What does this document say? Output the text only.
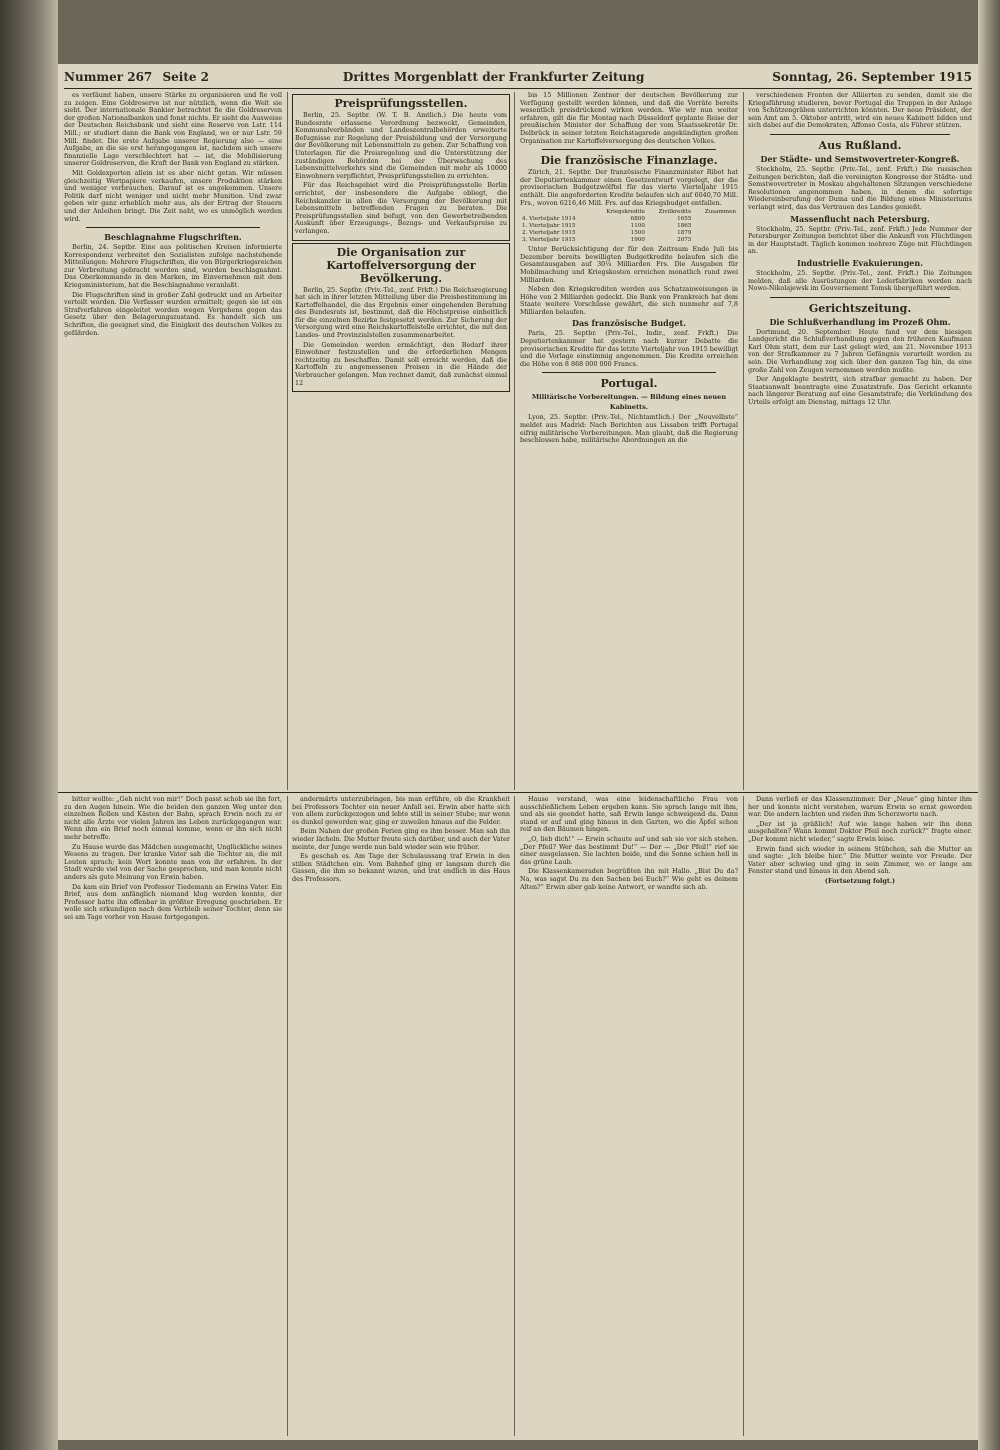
Nummer 267 Seite 2	Drittes Morgenblatt der Frankfurter Zeitung	Sonntag, 26. September 1915

es verfäumt haben, unsere Stärke zu organisieren und fie voll zu zeigen. Eine Goldreserve ist nur nützlich, wenn die Welt sie sieht. Der internationale Bankier betrachtet fie die Goldreserven der großen Nationalbanken und fonst nichts. Er sieht die Ausweise der Deutschen Reichsbank und sieht eine Reserve von Lstr. 114 Mill.; er studiert dann die Bank von England, wo er nur Lstr. 59 Mill. findet. Die erste Aufgabe unserer Regierung also — eine Aufgabe, an die sie erst herangegangen ist, nachdem sich unsere finanzielle Lage verschlechtert hat — ist, die Mobilisierung unserer Goldreserven, die Kraft der Bank von England zu stärken.

Mit Goldexporten allein ist es aber nicht getan. Wir müssen gleichzeitig Wertpapiere verkaufen, unsere Produktion stärken und weniger verbrauchen. Darauf ist es angekommen. Unsere Politik darf nicht weniger und nicht mehr Munition. Und zwar geben wir ganz erheblich mehr aus, als der Ertrag der Steuern und der Anleihen bringt. Die Zeit naht, wo es unmöglich werden wird.

Beschlagnahme Flugschriften.

Berlin, 24. Septbr. Eine aus politischen Kreisen informierte Korrespondenz verbreitet den Sozialisten zufolge nachstehende Mitteilungen: Mehrere Flugschriften, die von Bürgerkriegsreichen zur Verbreitung gebracht worden sind, wurden beschlagnahmt. Das Oberkommando in den Marken, im Einvernehmen mit dem Kriegsministerium, hat die Beschlagnahme veranlaßt.

Die Flugschriften sind in großer Zahl gedruckt und an Arbeiter verteilt worden. Die Verfasser wurden ermittelt; gegen sie ist ein Strafverfahren eingeleitet worden wegen Vergehens gegen das Gesetz über den Belagerungszustand. Es handelt sich um Schriften, die geeignet sind, die Einigkeit des deutschen Volkes zu gefährden.

Preisprüfungsstellen.

Berlin, 25. Septbr. (W. T. B. Amtlich.) Die heute vom Bundesrate erlassene Verordnung bezweckt, Gemeinden, Kommunalverbänden und Landeszentralbehörden erweiterte Befugnisse zur Regelung der Preisbildung und der Versorgung der Bevölkerung mit Lebensmitteln zu geben. Zur Schaffung von Unterlagen für die Preisregelung und die Unterstützung der zuständigen Behörden bei der Überwachung des Lebensmittelverkehrs sind die Gemeinden mit mehr als 10000 Einwohnern verpflichtet, Preisprüfungsstellen zu errichten.

Für das Reichsgebiet wird die Preisprüfungsstelle Berlin errichtet, der insbesondere die Aufgabe obliegt, die Reichskanzler in allen die Versorgung der Bevölkerung mit Lebensmitteln betreffenden Fragen zu beraten. Die Preisprüfungsstellen sind befugt, von den Gewerbetreibenden Auskunft über Erzeugungs-, Bezugs- und Verkaufspreise zu verlangen.

Die Organisation zur Kartoffelversorgung der Bevölkerung.

Berlin, 25. Septbr. (Priv.-Tel., zenf. Frkft.) Die Reichsregierung hat sich in ihrer letzten Mitteilung über die Preisbestimmung im Kartoffelhandel, die das Ergebnis einer eingehenden Beratung des Bundesrats ist, bestimmt, daß die Höchstpreise einheitlich für die einzelnen Bezirke festgesetzt werden. Zur Sicherung der Versorgung wird eine Reichskartoffelstelle errichtet, die mit den Landes- und Provinzialstellen zusammenarbeitet.

Die Gemeinden werden ermächtigt, den Bedarf ihrer Einwohner festzustellen und die erforderlichen Mengen rechtzeitig zu beschaffen. Damit soll erreicht werden, daß die Kartoffeln zu angemessenen Preisen in die Hände der Verbraucher gelangen. Man rechnet damit, daß zunächst einmal 12

bis 15 Millionen Zentner der deutschen Bevölkerung zur Verfügung gestellt werden können, und daß die Vorräte bereits wesentlich preisdrückend wirken werden. Wie wir nun weiter erfahren, gilt die für Montag nach Düsseldorf geplante Reise der preußischen Minister der Schaffung der vom Staatssekretär Dr. Delbrück in seiner letzten Reichstagsrede angekündigten großen Organisation zur Kartoffelversorgung des deutschen Volkes.

Die französische Finanzlage.

Zürich, 21. Septbr. Der französische Finanzminister Ribot hat der Deputiertenkammer einen Gesetzentwurf vorgelegt, der die provisorischen Budgetzwölftel für das vierte Vierteljahr 1915 enthält. Die angeforderten Kredite belaufen sich auf 6040,70 Mill. Frs., wovon 6216,46 Mill. Frs. auf das Kriegsbudget entfallen.

	Kriegskredite	Zivilkredite	Zusammen
4. Vierteljahr 1914	6800	1655	
1. Vierteljahr 1915	1100	1865	
2. Vierteljahr 1915	1500	1879	
3. Vierteljahr 1915	1900	2075	

Unter Berücksichtigung der für den Zeitraum Ende Juli bis Dezember bereits bewilligten Budgetkredite belaufen sich die Gesamtausgaben auf 30¼ Milliarden Frs. Die Ausgaben für Mobilmachung und Kriegskosten erreichen monatlich rund zwei Milliarden.

Neben den Kriegskrediten werden aus Schatzanweisungen in Höhe von 2 Milliarden gedeckt. Die Bank von Frankreich hat dem Staate weitere Vorschüsse gewährt, die sich nunmehr auf 7,8 Milliarden belaufen.

Das französische Budget.

Paris, 25. Septbr. (Priv.-Tel., Indir., zenf. Frkft.) Die Deputiertenkammer hat gestern nach kurzer Debatte die provisorischen Kredite für das letzte Vierteljahr von 1915 bewilligt und die Vorlage einstimmig angenommen. Die Kredite erreichen die Höhe von 8 868 000 000 Francs.

Portugal.

Militärische Vorbereitungen. — Bildung eines neuen Kabinetts.

Lyon, 25. Septbr. (Priv.-Tel., Nichtamtlich.) Der „Nouvelliste“ meldet aus Madrid: Nach Berichten aus Lissabon trifft Portugal eifrig militärische Vorbereitungen. Man glaubt, daß die Regierung beschlossen habe, militärische Abordnungen an die

verschiedenen Fronten der Alliierten zu senden, damit sie die Kriegsführung studieren, bevor Portugal die Truppen in der Anlage von Schützengräben unterrichten könnten. Der neue Präsident, der sein Amt am 5. Oktober antritt, wird ein neues Kabinett bilden und sich dabei auf die Demokraten, Affonso Costa, als Führer stützen.

Aus Rußland.

Der Städte- und Semstwovertreter-Kongreß.

Stockholm, 25. Septbr. (Priv.-Tel., zenf. Frkft.) Die russischen Zeitungen berichten, daß die vereinigten Kongresse der Städte- und Semstwovertreter in Moskau abgehaltenen Sitzungen verschiedene Resolutionen angenommen haben, in denen die sofortige Wiedereinberufung der Duma und die Bildung eines Ministeriums verlangt wird, das das Vertrauen des Landes genießt.

Massenflucht nach Petersburg.

Stockholm, 25. Septbr. (Priv.-Tel., zenf. Frkft.) Jede Nummer der Petersburger Zeitungen berichtet über die Ankunft von Flüchtlingen in der Hauptstadt. Täglich kommen mehrere Züge mit Flüchtlingen an.

Industrielle Evakuierungen.

Stockholm, 25. Septbr. (Priv.-Tel., zenf. Frkft.) Die Zeitungen melden, daß alle Ausrüstungen der Lederfabriken werden nach Nowo-Nikolajewsk im Gouvernement Tomsk übergeführt werden.

Gerichtszeitung.

Die Schlußverhandlung im Prozeß Ohm.

Dortmund, 20. September. Heute fand vor dem hiesigen Landgericht die Schlußverhandlung gegen den früheren Kaufmann Karl Ohm statt, dem zur Last gelegt wird, am 21. November 1913 von der Strafkammer zu 7 Jahren Gefängnis verurteilt worden zu sein. Die Verhandlung zog sich über den ganzen Tag hin, da eine große Zahl von Zeugen vernommen werden mußte.

Der Angeklagte bestritt, sich strafbar gemacht zu haben. Der Staatsanwalt beantragte eine Zusatzstrafe. Das Gericht erkannte nach längerer Beratung auf eine Gesamtstrafe; die Verkündung des Urteils erfolgt am Dienstag, mittags 12 Uhr.

bitter wollte: „Geh nicht von mir!“ Doch passt schob sie ihn fort, zu den Augen hinein. Wie die beiden den ganzen Weg unter den einzelnen Rollen und Kästen der Bahn, sprach Erwin noch zu er nicht alle Ärzte vor vielen Jahren ins Leben zurückgegangen war. Wenn ihm ein Brief noch einmal komme, wenn er ihn sich nicht mehr betreffe.

Zu Hause wurde das Mädchen ausgemacht, Unglückliche seines Wesens zu tragen. Der kranke Vater sah die Tochter an, die mit Leuten sprach; kein Wort konnte man von ihr erfahren. In der Stadt wurde viel von der Sache gesprochen, und man konnte nicht anders als gute Meinung von Erwin haben.

Da kam ein Brief von Professor Tiedemann an Erwins Vater. Ein Brief, aus dem anfänglich niemand klug werden konnte, der Professor hatte ihn offenbar in größter Erregung geschrieben. Er wolle sich erkundigen nach dem Verbleib seiner Tochter, denn sie sei am Tage vorher von Hause fortgegangen.

andermärts unterzubringen, bis man erführe, ob die Krankheit bei Professors Tochter ein neuer Anfall sei. Erwin aber hatte sich von allem zurückgezogen und lebte still in seiner Stube; nur wenn es dunkel geworden war, ging er zuweilen hinaus auf die Felder.

Beim Nahen der großen Ferien ging es ihm besser. Man sah ihn wieder lächeln. Die Mutter freute sich darüber, und auch der Vater meinte, der Junge werde nun bald wieder sein wie früher.

Es geschah es. Am Tage der Schulaussang traf Erwin in den stillen Städtchen ein. Vom Bahnhof ging er langsam durch die Gassen, die ihm so bekannt waren, und trat endlich in das Haus des Professors.

Hause verstand, was eine leidenschaftliche Frau von ausschließlichem Leben ergeben kann. Sie sprach lange mit ihm, und als sie geendet hatte, saß Erwin lange schweigend da. Dann stand er auf und ging hinaus in den Garten, wo die Äpfel schon reif an den Bäumen hingen.

„O, lieb dich!“ — Erwin schaute auf und sah sie vor sich stehen. „Der Pfeil? Wer das bestimmt Du!“ — Der — „Der Pfeil!“ rief sie einer ausgelassen. Sie lachten beide, und die Sonne schien hell in das grüne Laub.

Die Klassenkameraden begrüßten ihn mit Hallo. „Bist Du da? Na, was sagst Du zu den Sachen bei Euch?“ Wie geht es deinem Alten?“ Erwin aber gab keine Antwort, er wandte sich ab.

Dann verließ er das Klassenzimmer. Der „Neue“ ging hinter ihm her und konnte nicht verstehen, warum Erwin so ernst geworden war. Die andern lachten und riefen ihm Scherzworte nach.

„Der ist ja gräßlich! Auf wie lange haben wir ihn denn ausgehalten? Wann kommt Doktor Pfeil noch zurück?“ fragte einer. „Der kommt nicht wieder,“ sagte Erwin leise.

Erwin fand sich wieder in seinem Stübchen, sah die Mutter an und sagte: „Ich bleibe hier.“ Die Mutter weinte vor Freude. Der Vater aber schwieg und ging in sein Zimmer, wo er lange am Fenster stand und hinaus in den Abend sah.

(Fortsetzung folgt.)
